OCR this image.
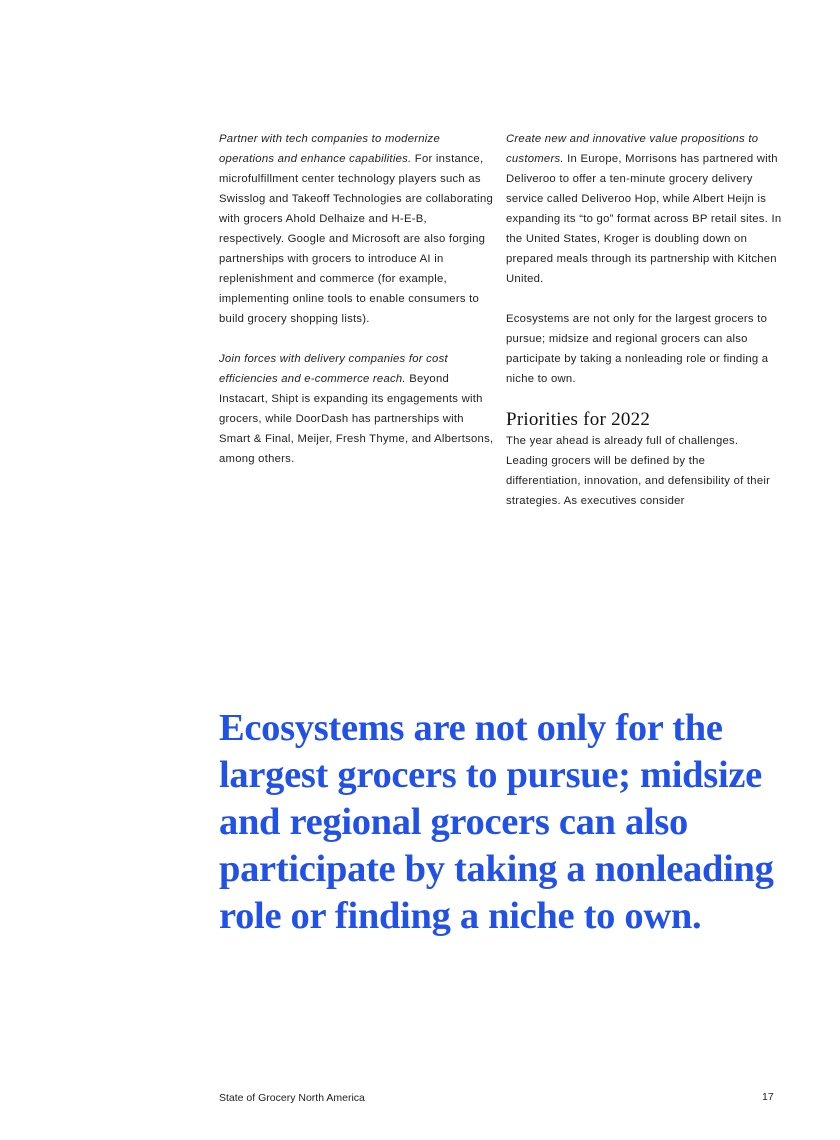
Partner with tech companies to modernize operations and enhance capabilities. For instance, microfulfillment center technology players such as Swisslog and Takeoff Technologies are collaborating with grocers Ahold Delhaize and H-E-B, respectively. Google and Microsoft are also forging partnerships with grocers to introduce AI in replenishment and commerce (for example, implementing online tools to enable consumers to build grocery shopping lists).

Join forces with delivery companies for cost efficiencies and e-commerce reach. Beyond Instacart, Shipt is expanding its engagements with grocers, while DoorDash has partnerships with Smart & Final, Meijer, Fresh Thyme, and Albertsons, among others.

Create new and innovative value propositions to customers. In Europe, Morrisons has partnered with Deliveroo to offer a ten-minute grocery delivery service called Deliveroo Hop, while Albert Heijn is expanding its “to go” format across BP retail sites. In the United States, Kroger is doubling down on prepared meals through its partnership with Kitchen United.

Ecosystems are not only for the largest grocers to pursue; midsize and regional grocers can also participate by taking a nonleading role or finding a niche to own.

Priorities for 2022

The year ahead is already full of challenges. Leading grocers will be defined by the differentiation, innovation, and defensibility of their strategies. As executives consider

Ecosystems are not only for the largest grocers to pursue; midsize and regional grocers can also participate by taking a nonleading role or finding a niche to own.
State of Grocery North America	17
